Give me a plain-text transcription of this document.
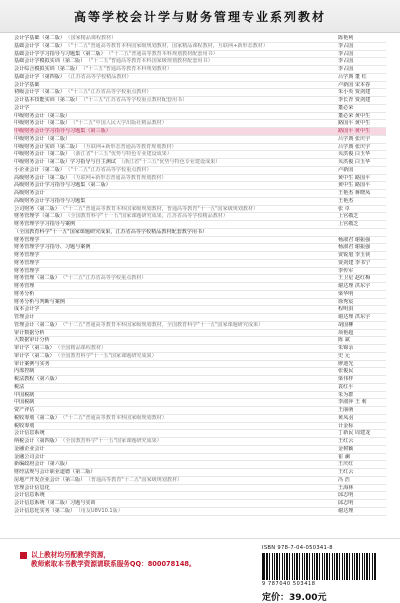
高等学校会计学与财务管理专业系列教材
会计学基础（第二版） （国家精品课程教材）	陈艳利
基础会计学（第二版） （"十二五"普通高等教育本科国家级规划教材，国家精品课程教材，互联网+新形态教材）	李占国
基础会计学学习指导与习题集（第二版） （"十二五"普通高等教育本科规划教材配套用书）	李占国
基础会计学模拟实训（第二版） （"十二五"普通高等教育本科国家级规划教材配套用书）	李占国
会计综合模拟实训（第二版） （"十三五"普通高等教育本科规划教材）	李占国
基础会计学（第四版） （江苏省高等学校精品教材）	吕学典 董 红
会计学基础	卢新国 宋本春
初级会计学（第二版） （"十三五"江苏省高等学校重点教材）	朱小英 贾剑建
会计基本技能实训（第二版） （"十三五"江苏省高等学校重点教材配套用书）	李长青 贾剑建
会计学	董必荣
中级财务会计（第三版）	董必荣 黄中生
中级财务会计（第二版） （"十二五"中国人民大学出版社精品教材）	路国平 黄中生
中级财务会计学习指导与习题集（第三版）	路国平 黄中生
中级财务会计（第二版）	吕学典 张庆宇
中级财务会计实训（第二版） （互联网+新形态普通高等教育规划教材）	吕学典 张庆宇
中级财务会计（第二版） （浙江省"十三五"优势与特色专业建设成果）	贝洪俊 白玉华
中级财务会计（第二版）学习指导与自主测试 （浙江省"十三五"优势与特色专业建设成果）	贝洪俊 白玉华
小企业会计（第二版） （"十二五"江苏省高等学校重点教材）	卢新国
高级财务会计（第二版） （互联网+新形态普通高等教育规划教材）	黄中生 路国平
高级财务会计学习指导与习题集（第二版）	黄中生 路国平
高级财务会计	王艳杰 蒋晓凤
高级财务会计学习指导与习题集	王艳杰
公司财务（第二版） （"十二五"普通高等教育本科国家级规划教材，普通高等教育"十一五"国家级规划教材）	张 卓
财务管理学（第二版） （全国教育科学"十一五"国家课题研究成果，江苏省高等学校精品教材）	上官敬芝
财务管理学学习指导与案例	上官敬芝
（全国教育科学"十一五"国家课题研究成果，江苏省高等学校精品教材配套教学用书）
财务管理学	杨淑君 谢振强
财务管理学学习指导、习题与案例	杨淑君 谢振强
财务管理学	贾锐旭 李玉侠
财务管理学	贾剑建 李书宁
财务管理学	李传军
财务管理（第二版） （"十二五"江苏省高等学校重点教材）	王卫星 赵红梅
财务管理	谢达理 洪东宇
财务分析	梁华明
财务分析与判断与案例	徐秀宸
成本会计学	程明涓
管理会计	谢达理 洪东宇
管理会计（第二版） （"十二五"普通高等教育本科国家级规划教材，全国教育科学"十一五"国家课题研究成果）	胡国柳
审计数据分析	项艳超
大数据审计分析	陈 斌
审计学（第三版） （全国精品课程教材）	朱锦余
审计学（第二版） （全国教育科学"十一五"国家课题研究成果）	史 元
审计案例与实务	廖迪光
内部控制	张俊民
税法教程（第六版）	梁伟样
税法	袁红平
中国税制	朱为群
中国税制	李淑萍 王 莉
资产评估	王丽萌
税收筹划（第二版） （"十二五"普通高等教育本科国家级规划教材）	黄凤羽
税收筹划	计金标
会计信息系统	丁新民 周建龙
纳税会计（第四版） （全国教育科学"十一五"国家课题研究成果）	王红云
金融企业会计	金树颖
金融公司会计	崔 澜
新编政府会计（第六版）	王庆红
财经法规与会计职业道德（第二版）	王红云
房地产开发企业会计（第三版） （普通高等教育"十二五"国家级规划教材）	冯 浩
管理会计信息化	王海林
会计信息系统	邱志明
会计信息系统（第二版）习题与实训	邱志明
会计信息化实务（第二版） （用友U8V10.1版）	谢达理
以上教材均另配教学资源，
教师索取本书教学资源请联系服务QQ：800078148。
ISBN 978-7-04-050341-8
9 787040 503418
定价：39.00元
